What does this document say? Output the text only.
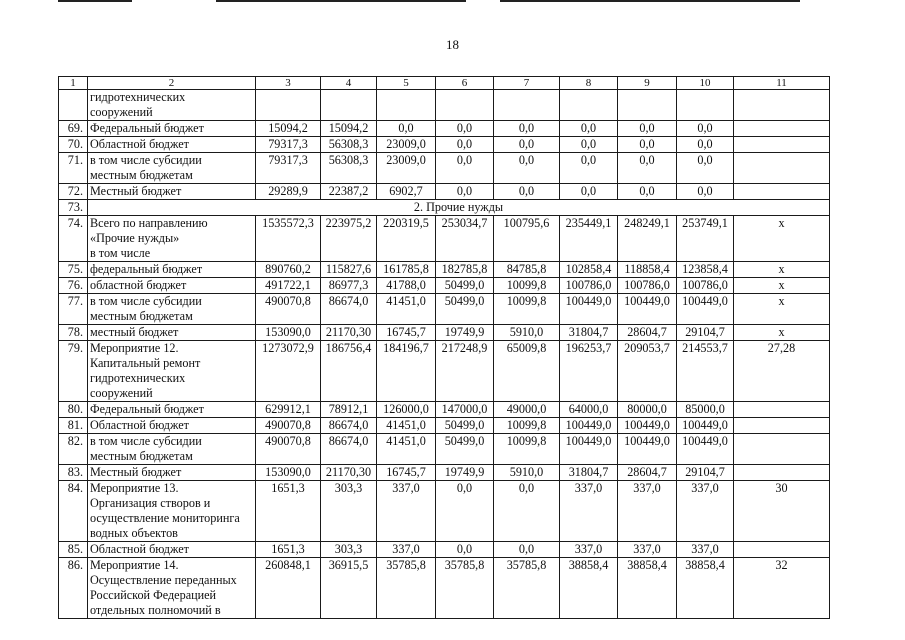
18
1	2	3	4	5	6	7	8	9	10	11
	гидротехнических
сооружений									
69.	Федеральный бюджет	15094,2	15094,2	0,0	0,0	0,0	0,0	0,0	0,0	
70.	Областной бюджет	79317,3	56308,3	23009,0	0,0	0,0	0,0	0,0	0,0	
71.	в том числе субсидии
местным бюджетам	79317,3	56308,3	23009,0	0,0	0,0	0,0	0,0	0,0	
72.	Местный бюджет	29289,9	22387,2	6902,7	0,0	0,0	0,0	0,0	0,0	
73.	2. Прочие нужды									
74.	Всего по направлению
«Прочие нужды»
в том числе	1535572,3	223975,2	220319,5	253034,7	100795,6	235449,1	248249,1	253749,1	x
75.	федеральный бюджет	890760,2	115827,6	161785,8	182785,8	84785,8	102858,4	118858,4	123858,4	x
76.	областной бюджет	491722,1	86977,3	41788,0	50499,0	10099,8	100786,0	100786,0	100786,0	x
77.	в том числе субсидии
местным бюджетам	490070,8	86674,0	41451,0	50499,0	10099,8	100449,0	100449,0	100449,0	x
78.	местный бюджет	153090,0	21170,30	16745,7	19749,9	5910,0	31804,7	28604,7	29104,7	x
79.	Мероприятие 12.
Капитальный ремонт
гидротехнических
сооружений	1273072,9	186756,4	184196,7	217248,9	65009,8	196253,7	209053,7	214553,7	27,28
80.	Федеральный бюджет	629912,1	78912,1	126000,0	147000,0	49000,0	64000,0	80000,0	85000,0	
81.	Областной бюджет	490070,8	86674,0	41451,0	50499,0	10099,8	100449,0	100449,0	100449,0	
82.	в том числе субсидии
местным бюджетам	490070,8	86674,0	41451,0	50499,0	10099,8	100449,0	100449,0	100449,0	
83.	Местный бюджет	153090,0	21170,30	16745,7	19749,9	5910,0	31804,7	28604,7	29104,7	
84.	Мероприятие 13.
Организация створов и
осуществление мониторинга
водных объектов	1651,3	303,3	337,0	0,0	0,0	337,0	337,0	337,0	30
85.	Областной бюджет	1651,3	303,3	337,0	0,0	0,0	337,0	337,0	337,0	
86.	Мероприятие 14.
Осуществление переданных
Российской Федерацией
отдельных полномочий в	260848,1	36915,5	35785,8	35785,8	35785,8	38858,4	38858,4	38858,4	32
